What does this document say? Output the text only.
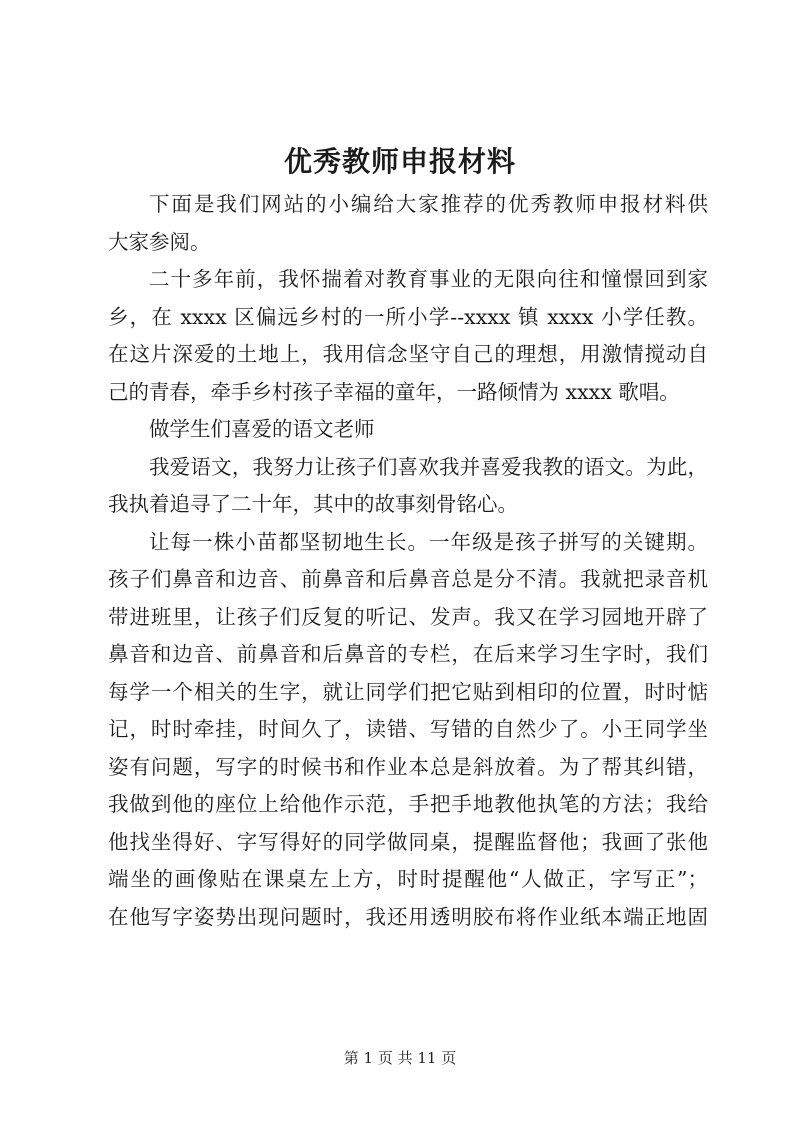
优秀教师申报材料
下面是我们网站的小编给大家推荐的优秀教师申报材料供
大家参阅。
二十多年前，我怀揣着对教育事业的无限向往和憧憬回到家
乡，在 xxxx 区偏远乡村的一所小学--xxxx 镇 xxxx 小学任教。
在这片深爱的土地上，我用信念坚守自己的理想，用激情搅动自
己的青春，牵手乡村孩子幸福的童年，一路倾情为 xxxx 歌唱。
做学生们喜爱的语文老师
我爱语文，我努力让孩子们喜欢我并喜爱我教的语文。为此，
我执着追寻了二十年，其中的故事刻骨铭心。
让每一株小苗都坚韧地生长。一年级是孩子拼写的关键期。
孩子们鼻音和边音、前鼻音和后鼻音总是分不清。我就把录音机
带进班里，让孩子们反复的听记、发声。我又在学习园地开辟了
鼻音和边音、前鼻音和后鼻音的专栏，在后来学习生字时，我们
每学一个相关的生字，就让同学们把它贴到相印的位置，时时惦
记，时时牵挂，时间久了，读错、写错的自然少了。小王同学坐
姿有问题，写字的时候书和作业本总是斜放着。为了帮其纠错，
我做到他的座位上给他作示范，手把手地教他执笔的方法；我给
他找坐得好、字写得好的同学做同桌，提醒监督他；我画了张他
端坐的画像贴在课桌左上方，时时提醒他“人做正，字写正”；
在他写字姿势出现问题时，我还用透明胶布将作业纸本端正地固
第 1 页 共 11 页
